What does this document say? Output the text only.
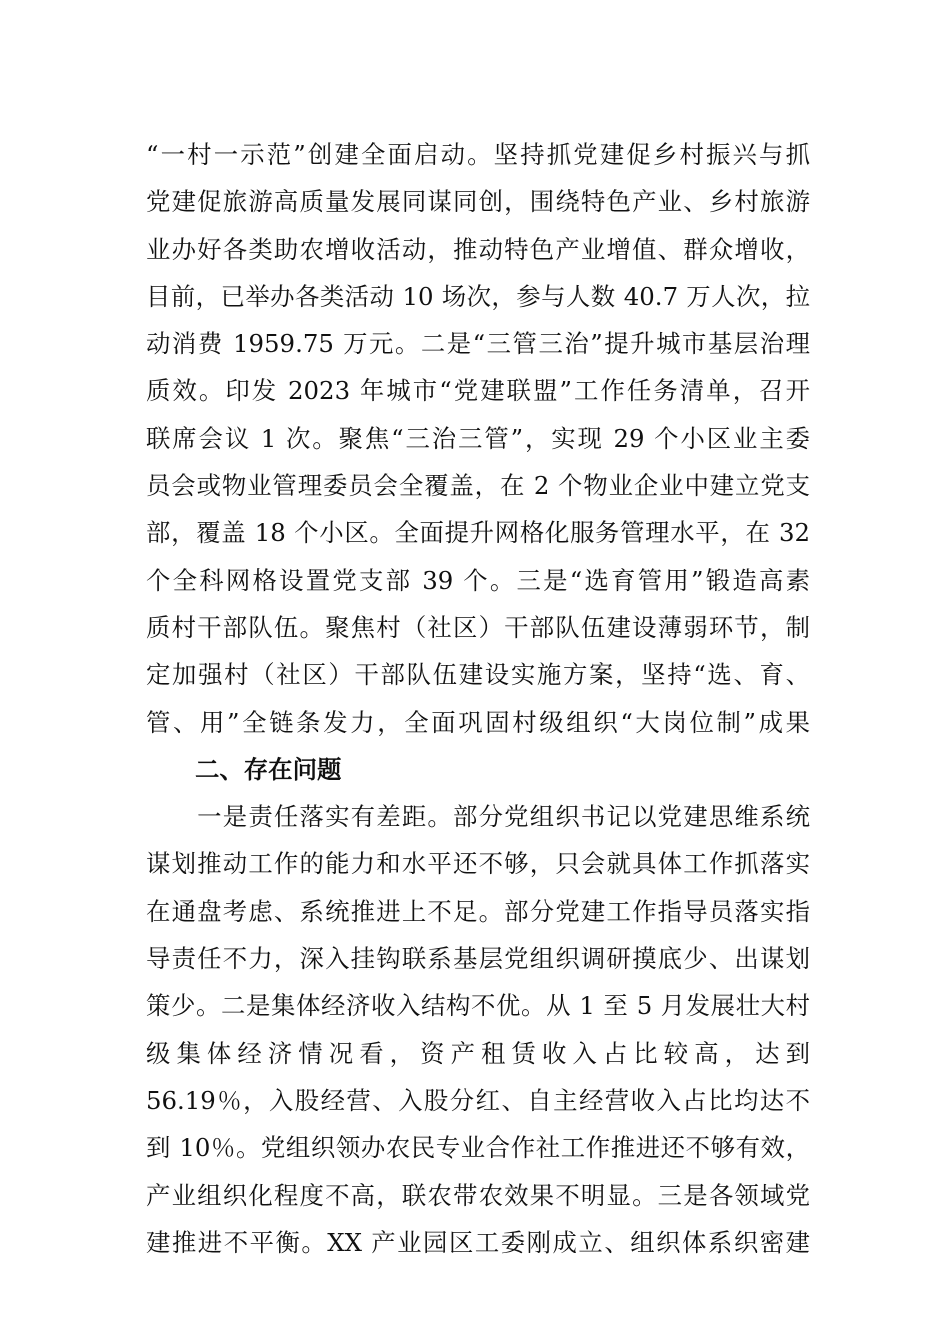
“一村一示范”创建全面启动。坚持抓党建促乡村振兴与抓
党建促旅游高质量发展同谋同创，围绕特色产业、乡村旅游
业办好各类助农增收活动，推动特色产业增值、群众增收，
目前，已举办各类活动 10 场次，参与人数 40.7 万人次，拉
动消费 1959.75 万元。二是“三管三治”提升城市基层治理
质效。印发 2023 年城市“党建联盟”工作任务清单，召开
联席会议 1 次。聚焦“三治三管”，实现 29 个小区业主委
员会或物业管理委员会全覆盖，在 2 个物业企业中建立党支
部，覆盖 18 个小区。全面提升网格化服务管理水平，在 32
个全科网格设置党支部 39 个。三是“选育管用”锻造高素
质村干部队伍。聚焦村（社区）干部队伍建设薄弱环节，制
定加强村（社区）干部队伍建设实施方案，坚持“选、育、
管、用”全链条发力，全面巩固村级组织“大岗位制”成果
二、存在问题
　　一是责任落实有差距。部分党组织书记以党建思维系统
谋划推动工作的能力和水平还不够，只会就具体工作抓落实
在通盘考虑、系统推进上不足。部分党建工作指导员落实指
导责任不力，深入挂钩联系基层党组织调研摸底少、出谋划
策少。二是集体经济收入结构不优。从 1 至 5 月发展壮大村
级集体经济情况看，资产租赁收入占比较高，达到
56.19％，入股经营、入股分红、自主经营收入占比均达不
到 10％。党组织领办农民专业合作社工作推进还不够有效，
产业组织化程度不高，联农带农效果不明显。三是各领域党
建推进不平衡。XX 产业园区工委刚成立、组织体系织密建
